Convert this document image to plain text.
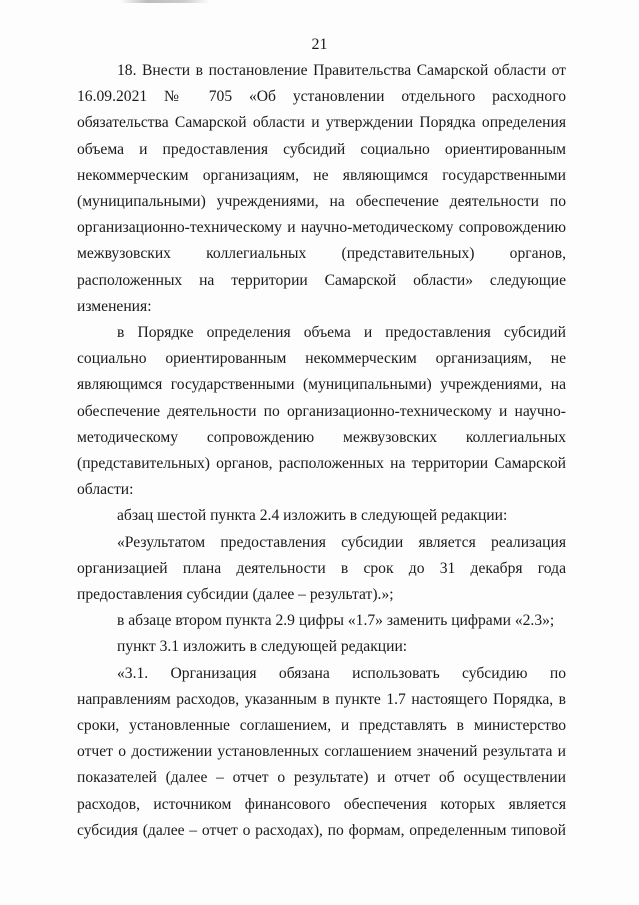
21

18. Внести в постановление Правительства Самарской области от 16.09.2021 № 705 «Об установлении отдельного расходного обязательства Самарской области и утверждении Порядка определения объема и предоставления субсидий социально ориентированным некоммерческим организациям, не являющимся государственными (муниципальными) учреждениями, на обеспечение деятельности по организационно-техническому и научно-методическому сопровождению межвузовских коллегиальных (представительных) органов, расположенных на территории Самарской области» следующие изменения:

в Порядке определения объема и предоставления субсидий социально ориентированным некоммерческим организациям, не являющимся государственными (муниципальными) учреждениями, на обеспечение деятельности по организационно-техническому и научно-методическому сопровождению межвузовских коллегиальных (представительных) органов, расположенных на территории Самарской области:

абзац шестой пункта 2.4 изложить в следующей редакции:

«Результатом предоставления субсидии является реализация организацией плана деятельности в срок до 31 декабря года предоставления субсидии (далее – результат).»;

в абзаце втором пункта 2.9 цифры «1.7» заменить цифрами «2.3»;

пункт 3.1 изложить в следующей редакции:

«3.1. Организация обязана использовать субсидию по направлениям расходов, указанным в пункте 1.7 настоящего Порядка, в сроки, установленные соглашением, и представлять в министерство отчет о достижении установленных соглашением значений результата и показателей (далее – отчет о результате) и отчет об осуществлении расходов, источником финансового обеспечения которых является субсидия (далее – отчет о расходах), по формам, определенным типовой
